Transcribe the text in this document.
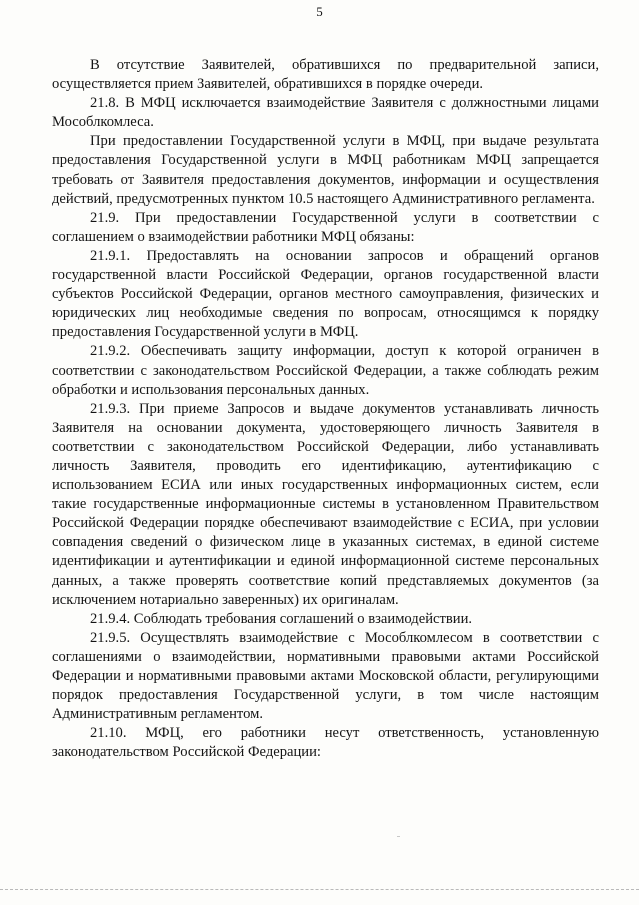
5

В отсутствие Заявителей, обратившихся по предварительной записи, осуществляется прием Заявителей, обратившихся в порядке очереди.

21.8. В МФЦ исключается взаимодействие Заявителя с должностными лицами Мособлкомлеса.

При предоставлении Государственной услуги в МФЦ, при выдаче результата предоставления Государственной услуги в МФЦ работникам МФЦ запрещается требовать от Заявителя предоставления документов, информации и осуществления действий, предусмотренных пунктом 10.5 настоящего Административного регламента.

21.9. При предоставлении Государственной услуги в соответствии с соглашением о взаимодействии работники МФЦ обязаны:

21.9.1. Предоставлять на основании запросов и обращений органов государственной власти Российской Федерации, органов государственной власти субъектов Российской Федерации, органов местного самоуправления, физических и юридических лиц необходимые сведения по вопросам, относящимся к порядку предоставления Государственной услуги в МФЦ.

21.9.2. Обеспечивать защиту информации, доступ к которой ограничен в соответствии с законодательством Российской Федерации, а также соблюдать режим обработки и использования персональных данных.

21.9.3. При приеме Запросов и выдаче документов устанавливать личность Заявителя на основании документа, удостоверяющего личность Заявителя в соответствии с законодательством Российской Федерации, либо устанавливать личность Заявителя, проводить его идентификацию, аутентификацию с использованием ЕСИА или иных государственных информационных систем, если такие государственные информационные системы в установленном Правительством Российской Федерации порядке обеспечивают взаимодействие с ЕСИА, при условии совпадения сведений о физическом лице в указанных системах, в единой системе идентификации и аутентификации и единой информационной системе персональных данных, а также проверять соответствие копий представляемых документов (за исключением нотариально заверенных) их оригиналам.

21.9.4. Соблюдать требования соглашений о взаимодействии.

21.9.5. Осуществлять взаимодействие с Мособлкомлесом в соответствии с соглашениями о взаимодействии, нормативными правовыми актами Российской Федерации и нормативными правовыми актами Московской области, регулирующими порядок предоставления Государственной услуги, в том числе настоящим Административным регламентом.

21.10. МФЦ, его работники несут ответственность, установленную законодательством Российской Федерации:
